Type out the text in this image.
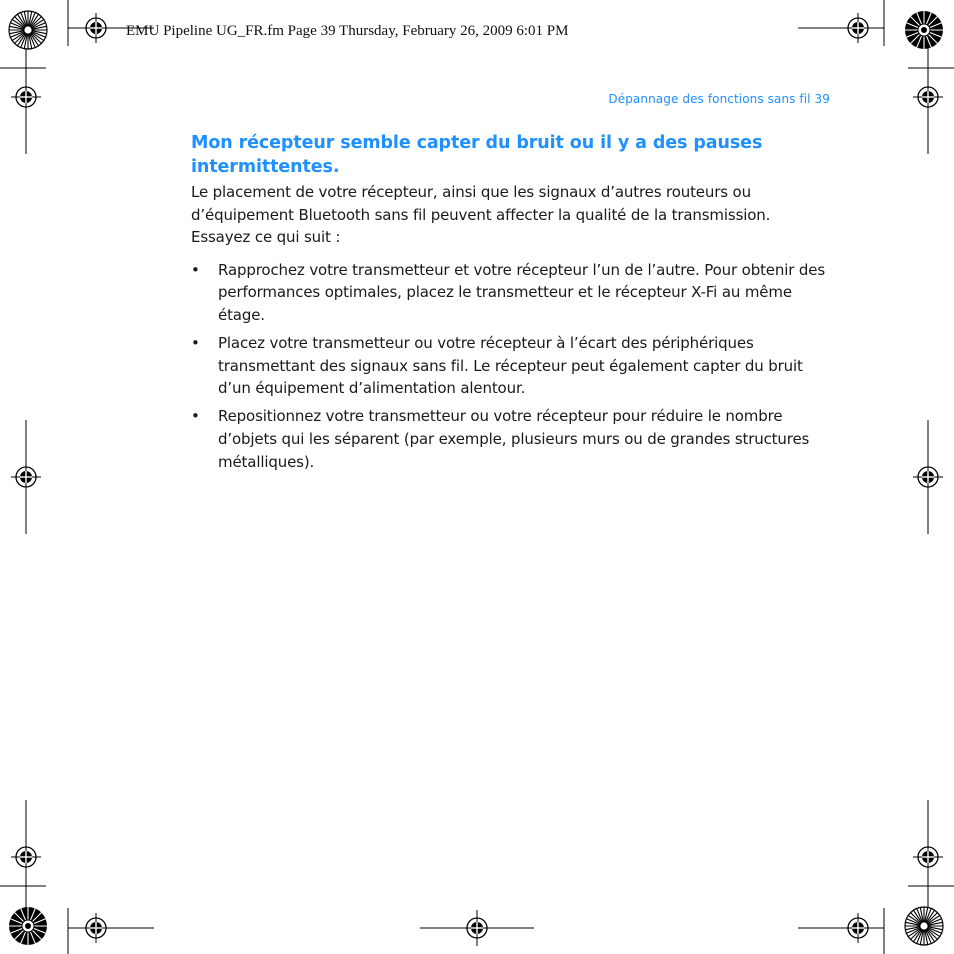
EMU Pipeline UG_FR.fm Page 39 Thursday, February 26, 2009 6:01 PM
Dépannage des fonctions sans fil 39
Mon récepteur semble capter du bruit ou il y a des pauses intermittentes.

Le placement de votre récepteur, ainsi que les signaux d’autres routeurs ou d’équipement Bluetooth sans fil peuvent affecter la qualité de la transmission. Essayez ce qui suit :

• Rapprochez votre transmetteur et votre récepteur l’un de l’autre. Pour obtenir des performances optimales, placez le transmetteur et le récepteur X-Fi au même étage.
• Placez votre transmetteur ou votre récepteur à l’écart des périphériques transmettant des signaux sans fil. Le récepteur peut également capter du bruit d’un équipement d’alimentation alentour.
• Repositionnez votre transmetteur ou votre récepteur pour réduire le nombre d’objets qui les séparent (par exemple, plusieurs murs ou de grandes structures métalliques).
